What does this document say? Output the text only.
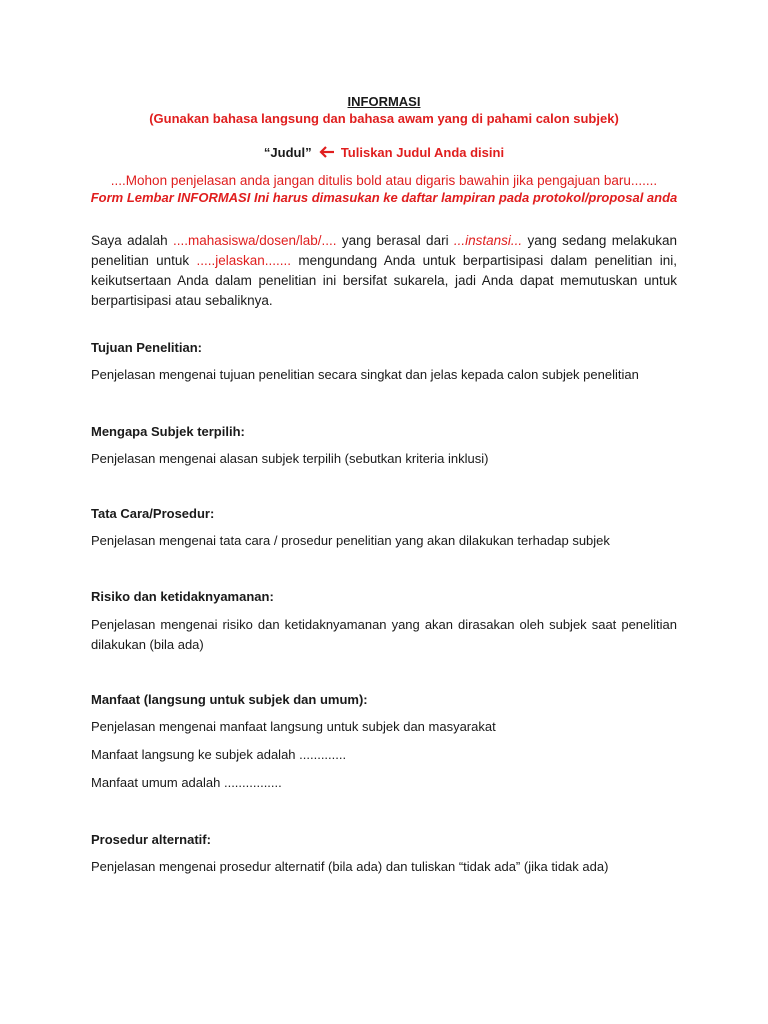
INFORMASI
(Gunakan bahasa langsung dan bahasa awam yang di pahami calon subjek)
“Judul” Tuliskan Judul Anda disini
....Mohon penjelasan anda jangan ditulis bold atau digaris bawahin jika pengajuan baru.......
Form Lembar INFORMASI Ini harus dimasukan ke daftar lampiran pada protokol/proposal anda
Saya adalah ....mahasiswa/dosen/lab/.... yang berasal dari ...instansi... yang sedang melakukan penelitian untuk .....jelaskan....... mengundang Anda untuk berpartisipasi dalam penelitian ini, keikutsertaan Anda dalam penelitian ini bersifat sukarela, jadi Anda dapat memutuskan untuk berpartisipasi atau sebaliknya.
Tujuan Penelitian:
Penjelasan mengenai tujuan penelitian secara singkat dan jelas kepada calon subjek penelitian
Mengapa Subjek terpilih:
Penjelasan mengenai alasan subjek terpilih (sebutkan kriteria inklusi)
Tata Cara/Prosedur:
Penjelasan mengenai tata cara / prosedur penelitian yang akan dilakukan terhadap subjek
Risiko dan ketidaknyamanan:
Penjelasan mengenai risiko dan ketidaknyamanan yang akan dirasakan oleh subjek saat penelitian dilakukan (bila ada)
Manfaat (langsung untuk subjek dan umum):
Penjelasan mengenai manfaat langsung untuk subjek dan masyarakat
Manfaat langsung ke subjek adalah .............
Manfaat umum adalah ................
Prosedur alternatif:
Penjelasan mengenai prosedur alternatif (bila ada) dan tuliskan “tidak ada” (jika tidak ada)
